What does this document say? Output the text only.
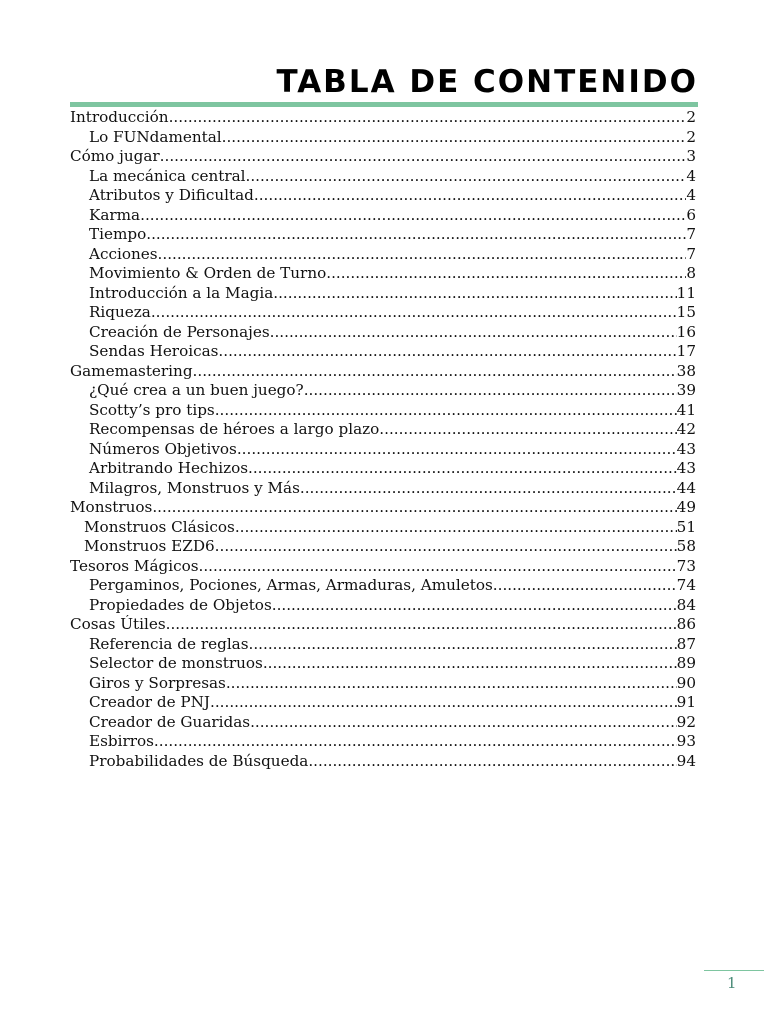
TABLA DE CONTENIDO
Introducción .....	2
Lo FUNdamental .....	2
Cómo jugar .....	3
La mecánica central .....	4
Atributos y Dificultad .....	4
Karma .....	6
Tiempo .....	7
Acciones .....	7
Movimiento & Orden de Turno .....	8
Introducción a la Magia .....	11
Riqueza .....	15
Creación de Personajes .....	16
Sendas Heroicas .....	17
Gamemastering .....	38
¿Qué crea a un buen juego? .....	39
Scotty’s pro tips .....	41
Recompensas de héroes a largo plazo .....	42
Números Objetivos .....	43
Arbitrando Hechizos .....	43
Milagros, Monstruos y Más .....	44
Monstruos .....	49
Monstruos Clásicos .....	51
Monstruos EZD6 .....	58
Tesoros Mágicos .....	73
Pergaminos, Pociones, Armas, Armaduras, Amuletos .....	74
Propiedades de Objetos .....	84
Cosas Útiles .....	86
Referencia de reglas .....	87
Selector de monstruos .....	89
Giros y Sorpresas .....	90
Creador de PNJ .....	91
Creador de Guaridas .....	92
Esbirros .....	93
Probabilidades de Búsqueda .....	94
1
